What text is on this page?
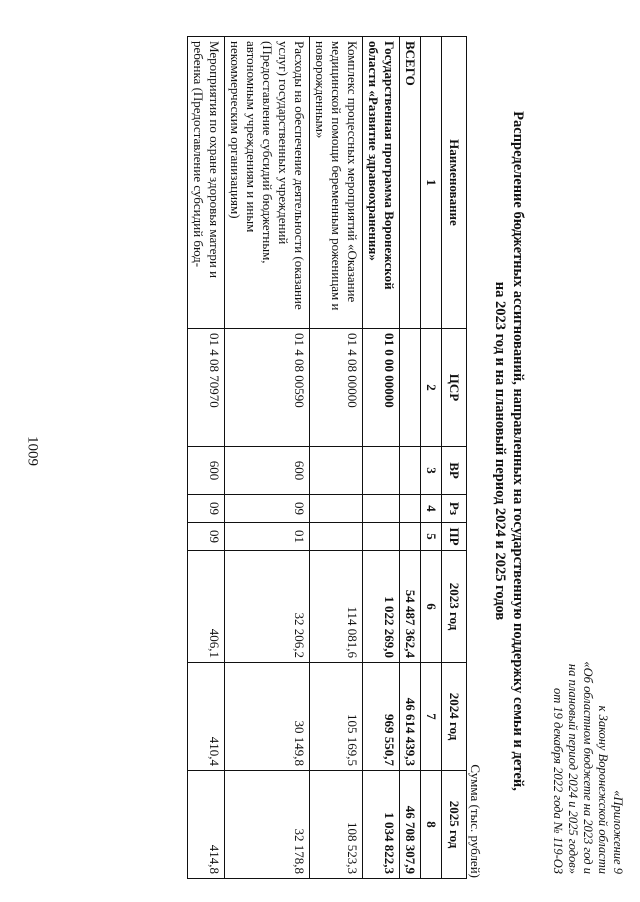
1009
«Приложение 9
к Закону Воронежской области
«Об областном бюджете на 2023 год и
на плановый период 2024 и 2025 годов»
от 19 декабря 2022 года № 119-ОЗ
Распределение бюджетных ассигнований, направленных на государственную поддержку семьи и детей,
на 2023 год и на плановый период 2024 и 2025 годов
Сумма (тыс. рублей)
Наименование	ЦСР	ВР	Рз	ПР	2023 год	2024 год	2025 год
1	2	3	4	5	6	7	8
ВСЕГО					54 487 362,4	46 614 439,3	46 708 307,9
Государственная программа Воронежской области «Развитие здравоохранения»	01 0 00 00000				1 022 269,0	969 550,7	1 034 822,3
Комплекс процессных мероприятий «Оказание медицинской помощи беременным роженицам и новорожденным»	01 4 08 00000				114 081,6	105 169,5	108 523,3
Расходы на обеспечение деятельности (оказание услуг) государственных учреждений (Предоставление субсидий бюджетным, автономным учреждениям и иным некоммерческим организациям)	01 4 08 00590	600	09	01	32 206,2	30 149,8	32 178,8
Мероприятия по охране здоровья матери и ребенка (Предоставление субсидий бюд-	01 4 08 70970	600	09	09	406,1	410,4	414,8
